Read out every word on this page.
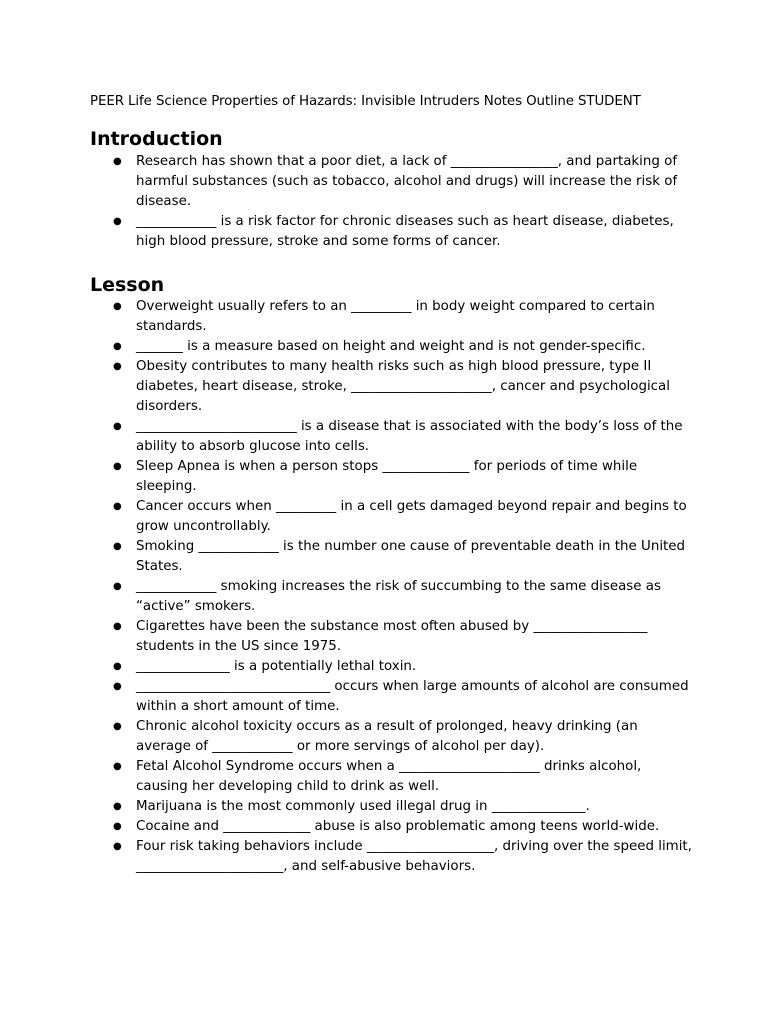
PEER Life Science Properties of Hazards: Invisible Intruders Notes Outline STUDENT
Introduction
● Research has shown that a poor diet, a lack of ________________, and partaking of harmful substances (such as tobacco, alcohol and drugs) will increase the risk of disease.
● ____________ is a risk factor for chronic diseases such as heart disease, diabetes, high blood pressure, stroke and some forms of cancer.
Lesson
● Overweight usually refers to an _________ in body weight compared to certain standards.
● _______ is a measure based on height and weight and is not gender-specific.
● Obesity contributes to many health risks such as high blood pressure, type II diabetes, heart disease, stroke, _____________________, cancer and psychological disorders.
● ________________________ is a disease that is associated with the body’s loss of the ability to absorb glucose into cells.
● Sleep Apnea is when a person stops _____________ for periods of time while sleeping.
● Cancer occurs when _________ in a cell gets damaged beyond repair and begins to grow uncontrollably.
● Smoking ____________ is the number one cause of preventable death in the United States.
● ____________ smoking increases the risk of succumbing to the same disease as “active” smokers.
● Cigarettes have been the substance most often abused by _________________ students in the US since 1975.
● ______________ is a potentially lethal toxin.
● _____________________________ occurs when large amounts of alcohol are consumed within a short amount of time.
● Chronic alcohol toxicity occurs as a result of prolonged, heavy drinking (an average of ____________ or more servings of alcohol per day).
● Fetal Alcohol Syndrome occurs when a _____________________ drinks alcohol, causing her developing child to drink as well.
● Marijuana is the most commonly used illegal drug in ______________.
● Cocaine and _____________ abuse is also problematic among teens world-wide.
● Four risk taking behaviors include ___________________, driving over the speed limit, ______________________, and self-abusive behaviors.
